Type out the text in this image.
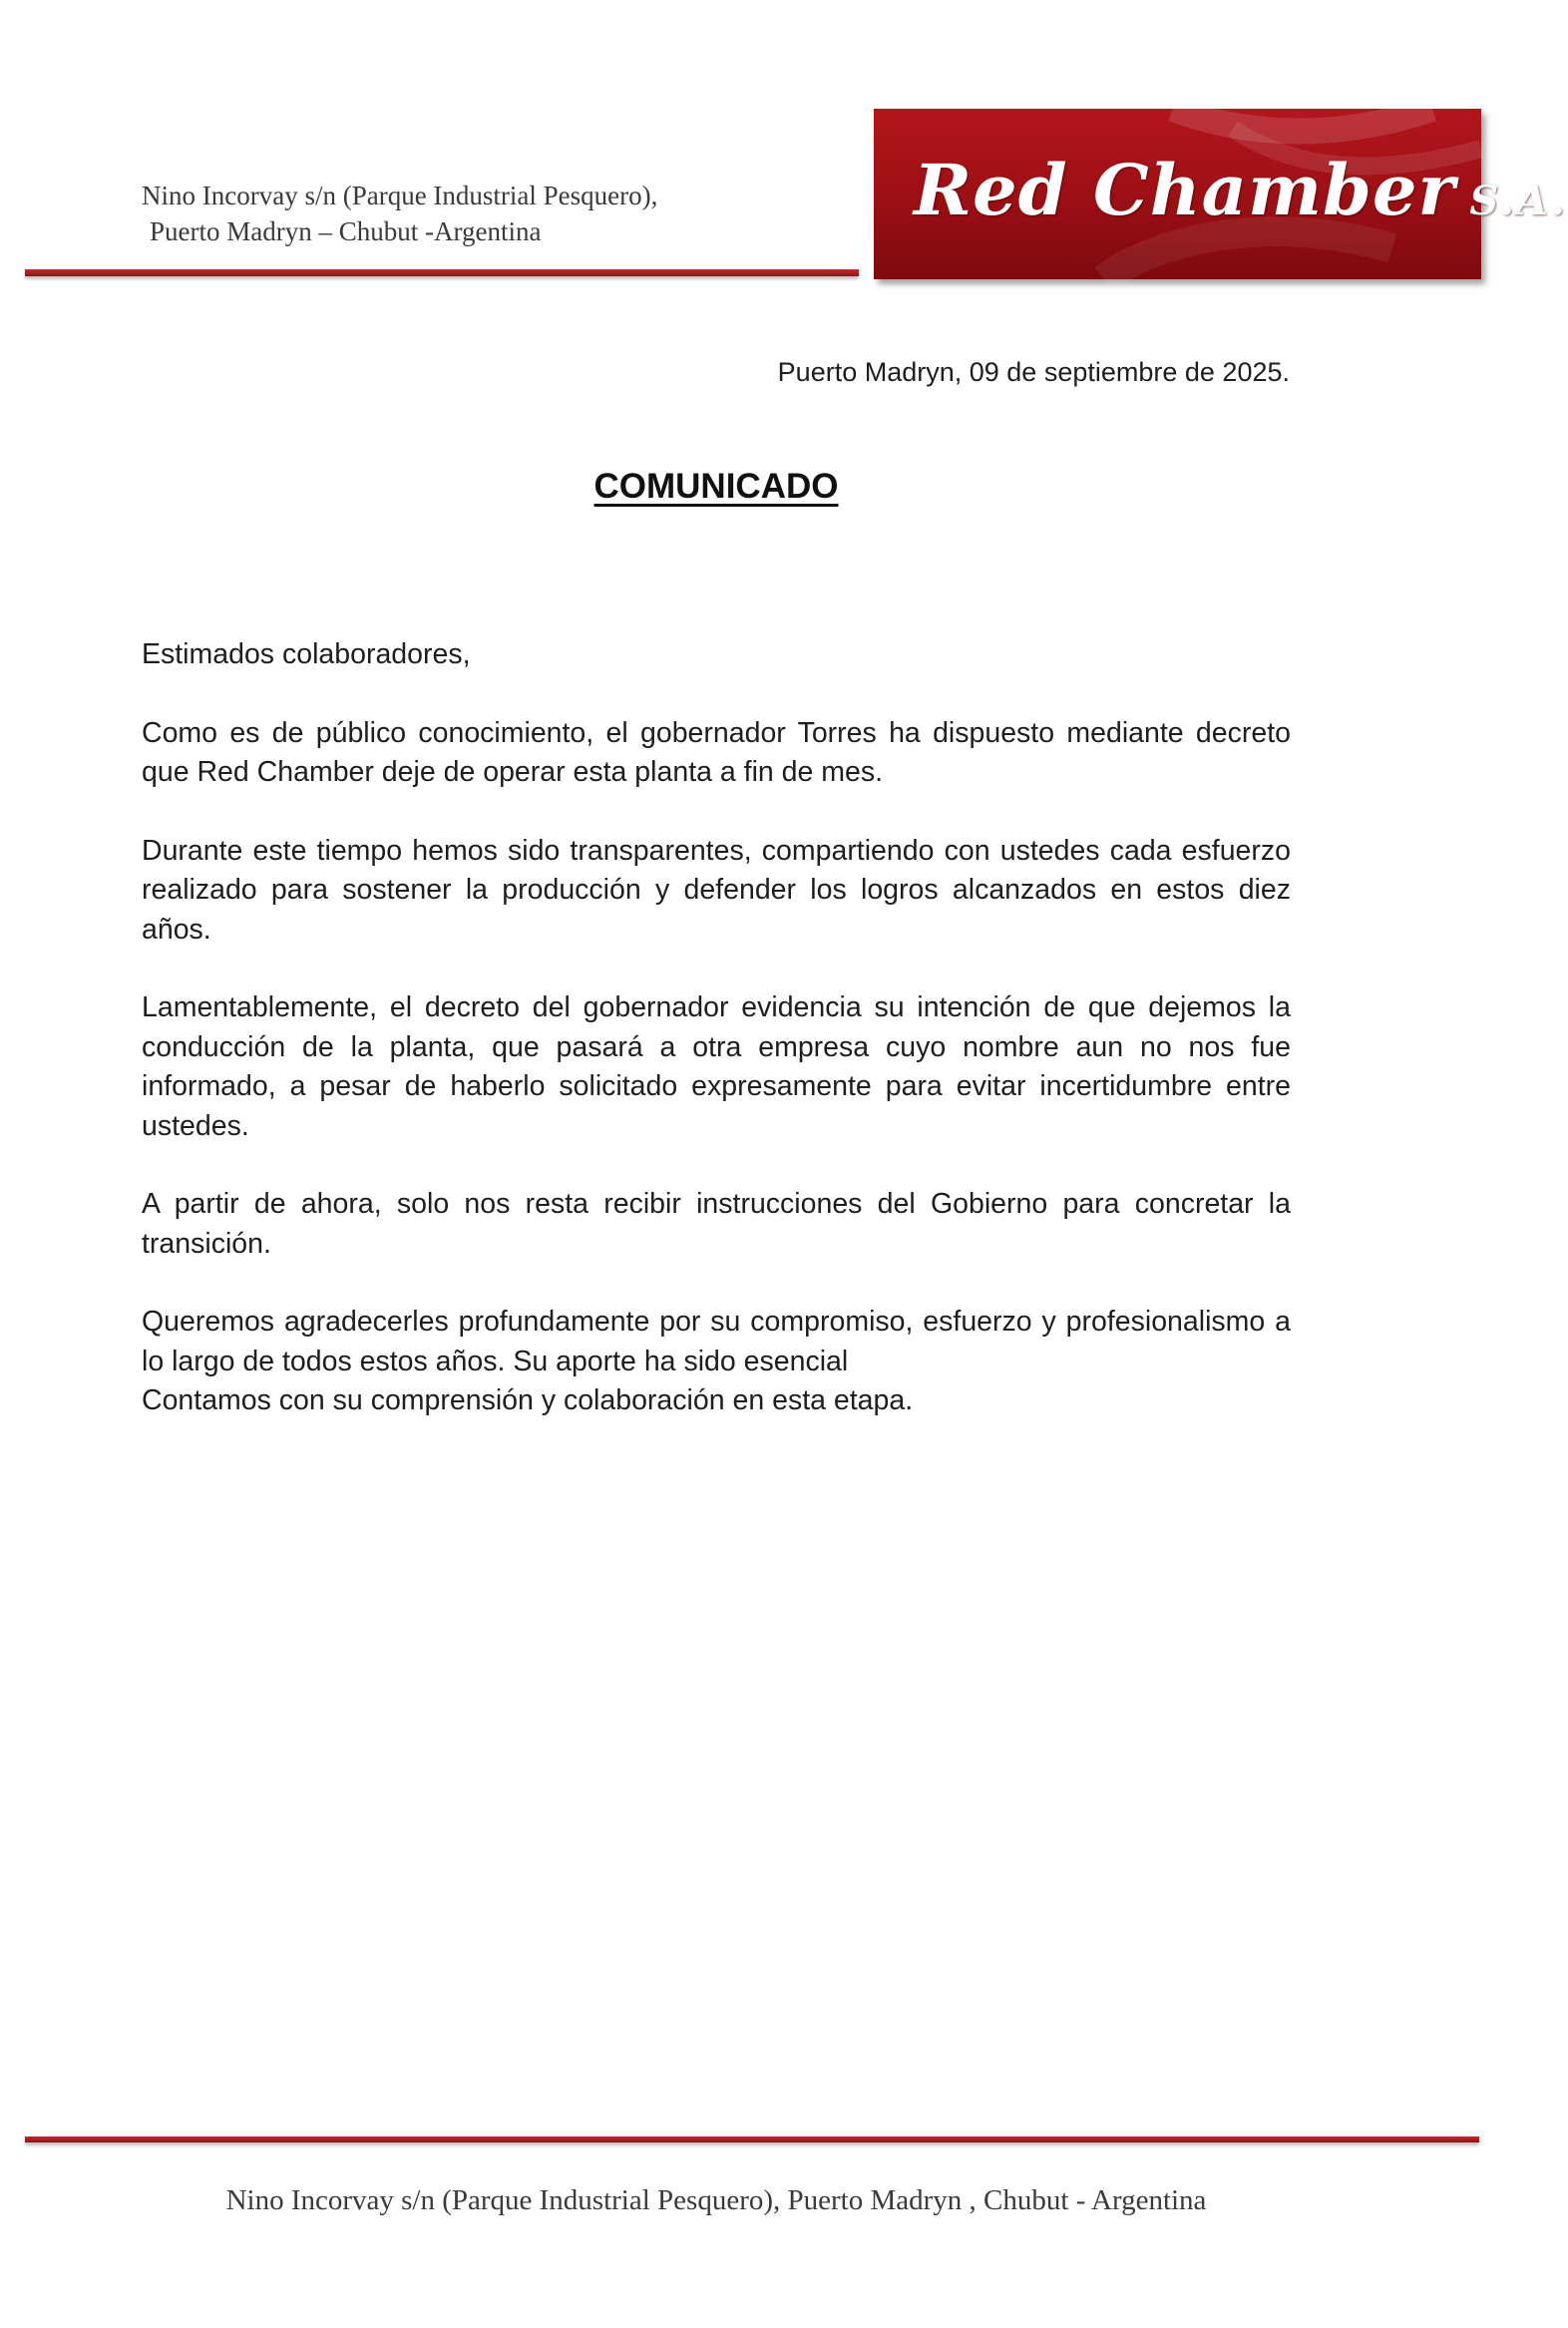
Nino Incorvay s/n (Parque Industrial Pesquero),
Puerto Madryn – Chubut -Argentina	Red Chamber S.A.
Puerto Madryn, 09 de septiembre de 2025.
COMUNICADO

Estimados colaboradores,

Como es de público conocimiento, el gobernador Torres ha dispuesto mediante decreto que Red Chamber deje de operar esta planta a fin de mes.

Durante este tiempo hemos sido transparentes, compartiendo con ustedes cada esfuerzo realizado para sostener la producción y defender los logros alcanzados en estos diez años.

Lamentablemente, el decreto del gobernador evidencia su intención de que dejemos la conducción de la planta, que pasará a otra empresa cuyo nombre aun no nos fue informado, a pesar de haberlo solicitado expresamente para evitar incertidumbre entre ustedes.

A partir de ahora, solo nos resta recibir instrucciones del Gobierno para concretar la transición.

Queremos agradecerles profundamente por su compromiso, esfuerzo y profesionalismo a lo largo de todos estos años. Su aporte ha sido esencial

Contamos con su comprensión y colaboración en esta etapa.

Nino Incorvay s/n (Parque Industrial Pesquero), Puerto Madryn , Chubut - Argentina
